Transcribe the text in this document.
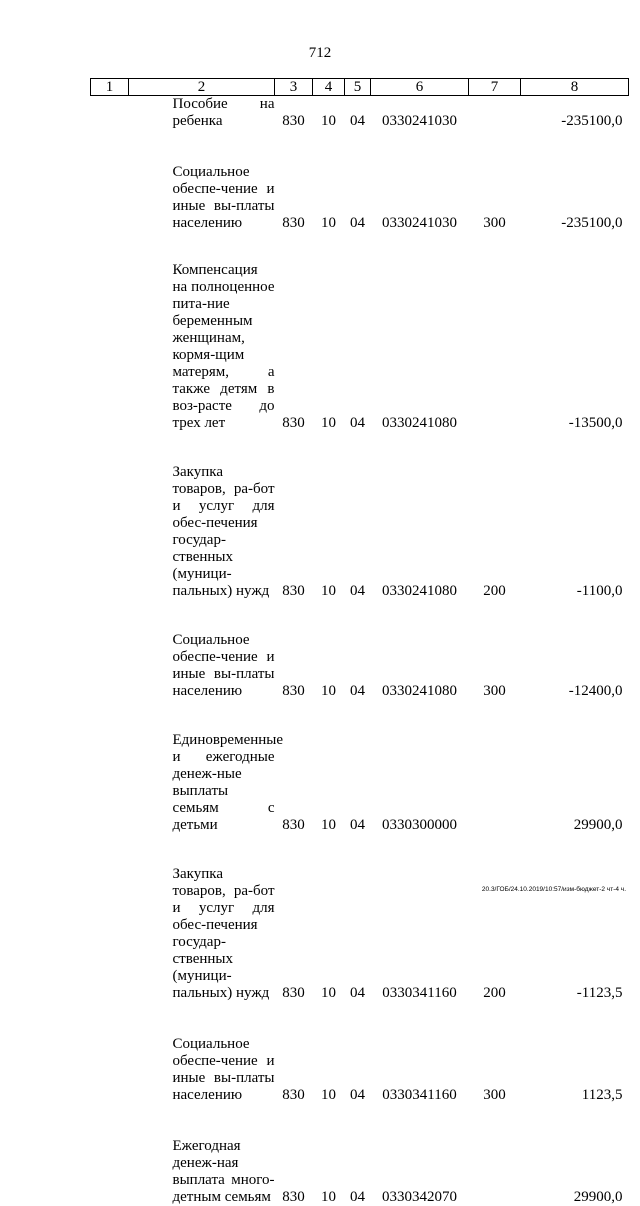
712
1	2	3	4	5	6	7	8
	Пособие на ребенка	830	10	04	0330241030		-235100,0

	Социальное обеспе-чение и иные вы-платы населению	830	10	04	0330241030	300	-235100,0

	Компенсация на полноценное пита-ние беременным женщинам, кормя-щим матерям, а также детям в воз-расте до трех лет	830	10	04	0330241080		-13500,0

	Закупка товаров, ра-бот и услуг для обес-печения государ-ственных (муници-пальных) нужд	830	10	04	0330241080	200	-1100,0

	Социальное обеспе-чение и иные вы-платы населению	830	10	04	0330241080	300	-12400,0

	Единовременные и ежегодные денеж-ные выплаты семьям с детьми	830	10	04	0330300000		29900,0

	Закупка товаров, ра-бот и услуг для обес-печения государ-ственных (муници-пальных) нужд	830	10	04	0330341160	200	-1123,5

	Социальное обеспе-чение и иные вы-платы населению	830	10	04	0330341160	300	1123,5

	Ежегодная денеж-ная выплата много-детным семьям	830	10	04	0330342070		29900,0
20.3/ГОБ/24.10.2019/10:57/изм-бюджет-2 чт-4 ч.
